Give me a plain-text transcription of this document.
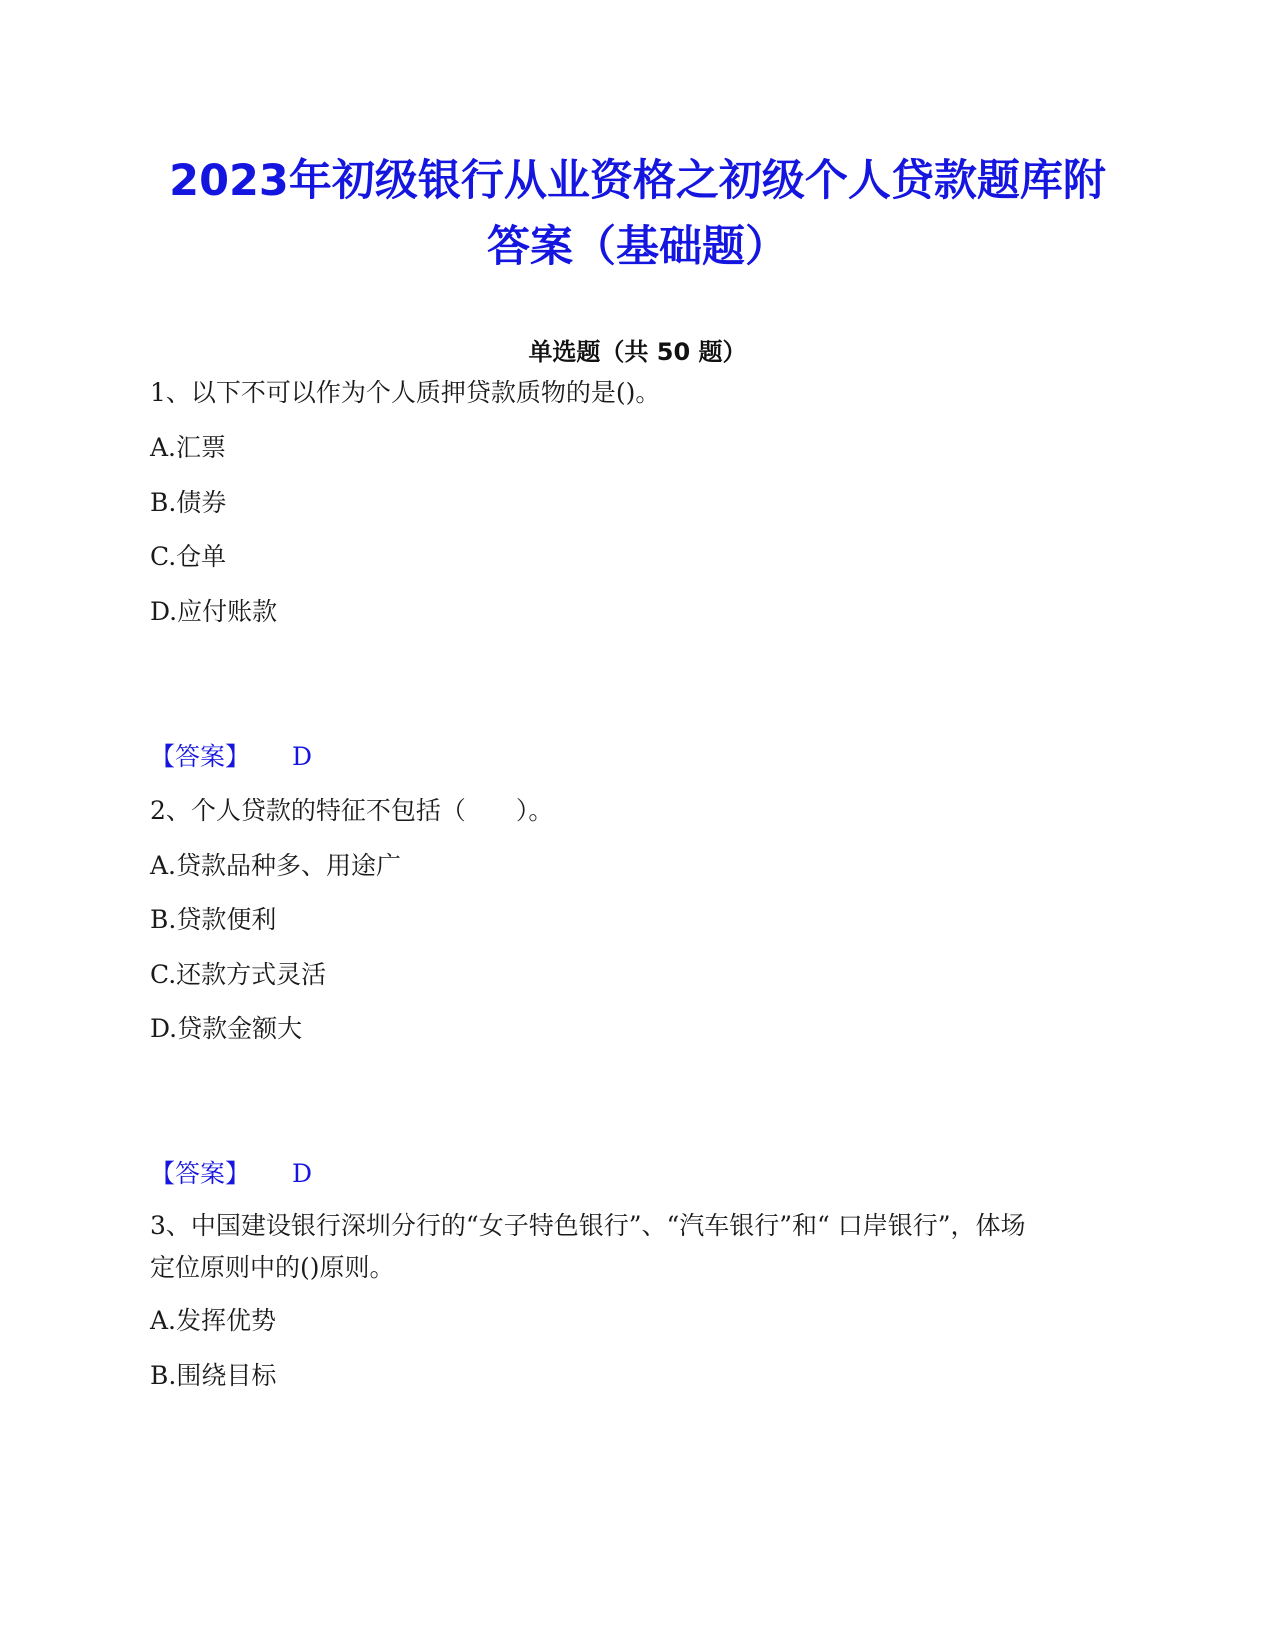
2023年初级银行从业资格之初级个人贷款题库附答案（基础题）
单选题（共 50 题）
1、以下不可以作为个人质押贷款质物的是()。
A.汇票
B.债券
C.仓单
D.应付账款
【答案】 D
2、个人贷款的特征不包括（　　）。
A.贷款品种多、用途广
B.贷款便利
C.还款方式灵活
D.贷款金额大
【答案】 D
3、中国建设银行深圳分行的“女子特色银行”、“汽车银行”和“ 口岸银行”，体场定位原则中的()原则。
A.发挥优势
B.围绕目标
